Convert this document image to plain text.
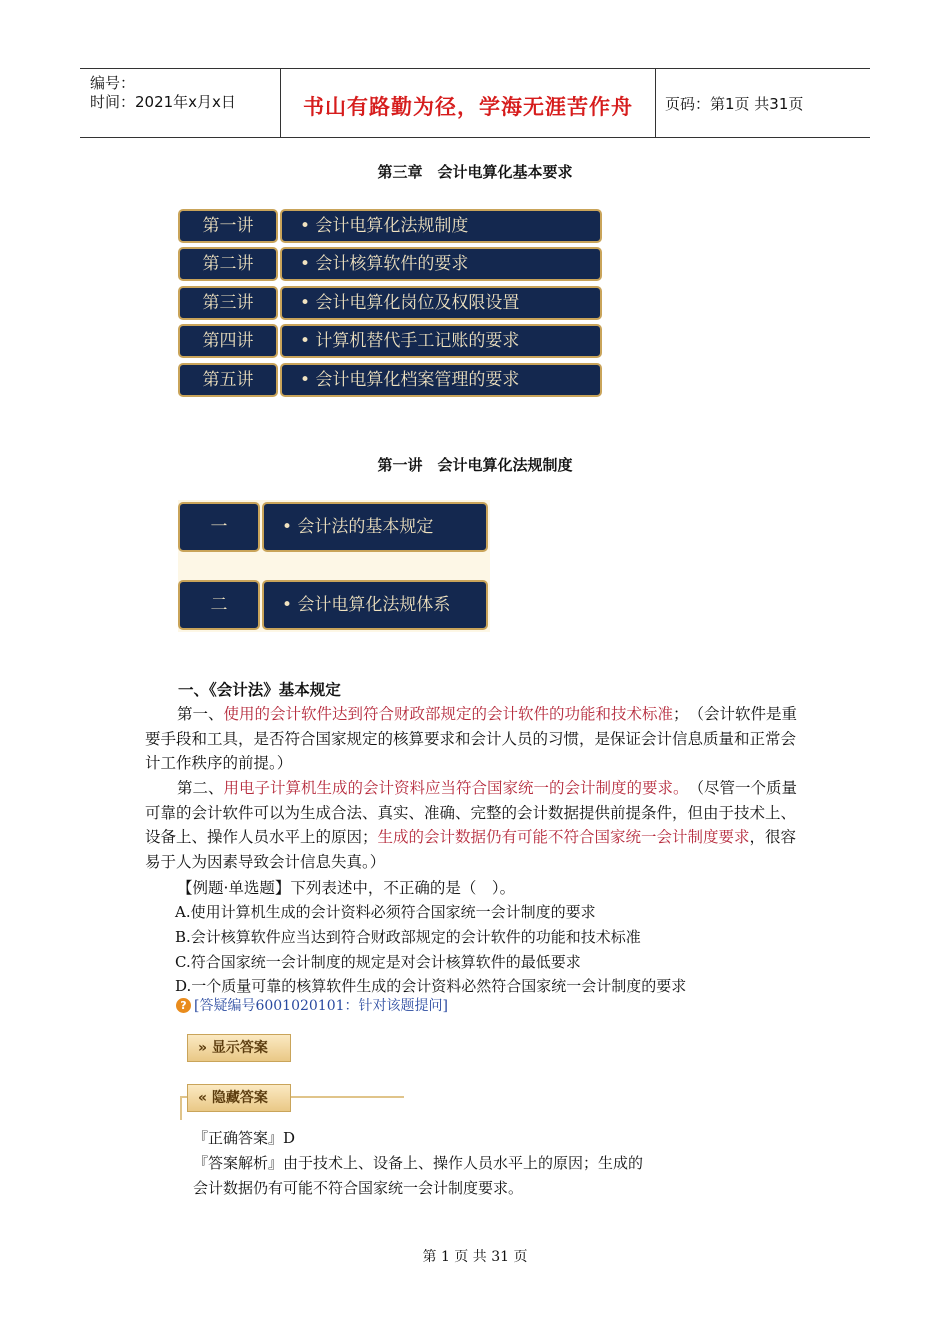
编号：
时间：2021年x月x日	书山有路勤为径，学海无涯苦作舟	页码：第1页 共31页
第三章　会计电算化基本要求
第一讲	• 会计电算化法规制度
第二讲	• 会计核算软件的要求
第三讲	• 会计电算化岗位及权限设置
第四讲	• 计算机替代手工记账的要求
第五讲	• 会计电算化档案管理的要求
第一讲　会计电算化法规制度
一	• 会计法的基本规定
二	• 会计电算化法规体系
一、《会计法》基本规定
第一、使用的会计软件达到符合财政部规定的会计软件的功能和技术标准；　（会计软件是重要手段和工具，是否符合国家规定的核算要求和会计人员的习惯，是保证会计信息质量和正常会计工作秩序的前提。）
第二、用电子计算机生成的会计资料应当符合国家统一的会计制度的要求。　（尽管一个质量可靠的会计软件可以为生成合法、真实、准确、完整的会计数据提供前提条件，但由于技术上、设备上、操作人员水平上的原因；生成的会计数据仍有可能不符合国家统一会计制度要求，很容易于人为因素导致会计信息失真。）
【例题·单选题】下列表述中，不正确的是（　）。
A.使用计算机生成的会计资料必须符合国家统一会计制度的要求
B.会计核算软件应当达到符合财政部规定的会计软件的功能和技术标准
C.符合国家统一会计制度的规定是对会计核算软件的最低要求
D.一个质量可靠的核算软件生成的会计资料必然符合国家统一会计制度的要求
? [答疑编号6001020101：针对该题提问]
» 显示答案
« 隐藏答案
『正确答案』D
『答案解析』由于技术上、设备上、操作人员水平上的原因；生成的
会计数据仍有可能不符合国家统一会计制度要求。
第 1 页 共 31 页
